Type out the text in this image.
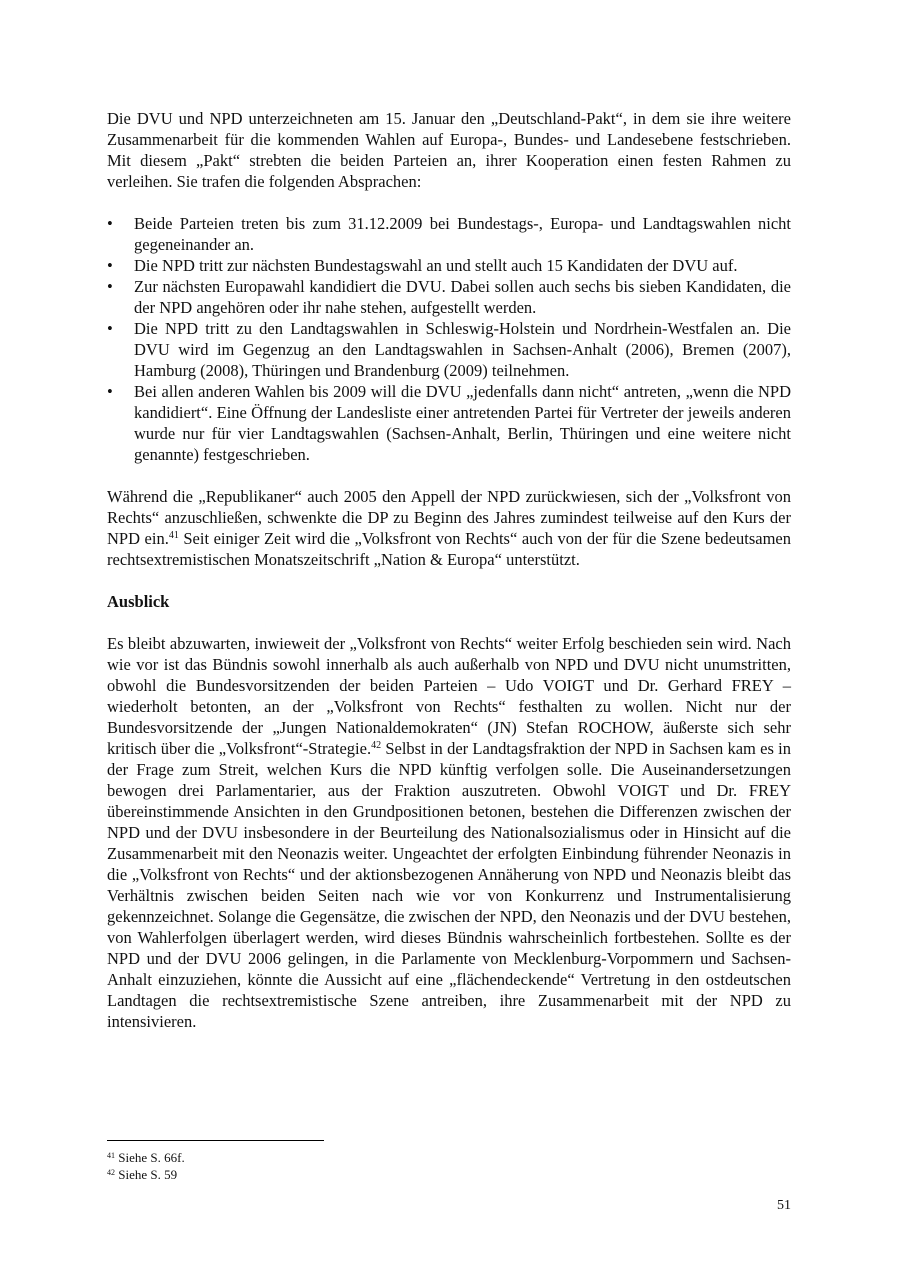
Die DVU und NPD unterzeichneten am 15. Januar den „Deutschland-Pakt“, in dem sie ihre weitere Zusammenarbeit für die kommenden Wahlen auf Europa-, Bundes- und Landesebene festschrieben. Mit diesem „Pakt“ strebten die beiden Parteien an, ihrer Kooperation einen festen Rahmen zu verleihen. Sie trafen die folgenden Absprachen:

• Beide Parteien treten bis zum 31.12.2009 bei Bundestags-, Europa- und Landtagswahlen nicht gegeneinander an.
• Die NPD tritt zur nächsten Bundestagswahl an und stellt auch 15 Kandidaten der DVU auf.
• Zur nächsten Europawahl kandidiert die DVU. Dabei sollen auch sechs bis sieben Kandidaten, die der NPD angehören oder ihr nahe stehen, aufgestellt werden.
• Die NPD tritt zu den Landtagswahlen in Schleswig-Holstein und Nordrhein-Westfalen an. Die DVU wird im Gegenzug an den Landtagswahlen in Sachsen-Anhalt (2006), Bremen (2007), Hamburg (2008), Thüringen und Brandenburg (2009) teilnehmen.
• Bei allen anderen Wahlen bis 2009 will die DVU „jedenfalls dann nicht“ antreten, „wenn die NPD kandidiert“. Eine Öffnung der Landesliste einer antretenden Partei für Vertreter der jeweils anderen wurde nur für vier Landtagswahlen (Sachsen-Anhalt, Berlin, Thüringen und eine weitere nicht genannte) festgeschrieben.

Während die „Republikaner“ auch 2005 den Appell der NPD zurückwiesen, sich der „Volksfront von Rechts“ anzuschließen, schwenkte die DP zu Beginn des Jahres zumindest teilweise auf den Kurs der NPD ein.$^{41}$ Seit einiger Zeit wird die „Volksfront von Rechts“ auch von der für die Szene bedeutsamen rechtsextremistischen Monatszeitschrift „Nation & Europa“ unterstützt.

Ausblick

Es bleibt abzuwarten, inwieweit der „Volksfront von Rechts“ weiter Erfolg beschieden sein wird. Nach wie vor ist das Bündnis sowohl innerhalb als auch außerhalb von NPD und DVU nicht unumstritten, obwohl die Bundesvorsitzenden der beiden Parteien – Udo VOIGT und Dr. Gerhard FREY – wiederholt betonten, an der „Volksfront von Rechts“ festhalten zu wollen. Nicht nur der Bundesvorsitzende der „Jungen Nationaldemokraten“ (JN) Stefan ROCHOW, äußerste sich sehr kritisch über die „Volksfront“-Strategie.$^{42}$ Selbst in der Landtagsfraktion der NPD in Sachsen kam es in der Frage zum Streit, welchen Kurs die NPD künftig verfolgen solle. Die Auseinandersetzungen bewogen drei Parlamentarier, aus der Fraktion auszutreten. Obwohl VOIGT und Dr. FREY übereinstimmende Ansichten in den Grundpositionen betonen, bestehen die Differenzen zwischen der NPD und der DVU insbesondere in der Beurteilung des Nationalsozialismus oder in Hinsicht auf die Zusammenarbeit mit den Neonazis weiter. Ungeachtet der erfolgten Einbindung führender Neonazis in die „Volksfront von Rechts“ und der aktionsbezogenen Annäherung von NPD und Neonazis bleibt das Verhältnis zwischen beiden Seiten nach wie vor von Konkurrenz und Instrumentalisierung gekennzeichnet. Solange die Gegensätze, die zwischen der NPD, den Neonazis und der DVU bestehen, von Wahlerfolgen überlagert werden, wird dieses Bündnis wahrscheinlich fortbestehen. Sollte es der NPD und der DVU 2006 gelingen, in die Parlamente von Mecklenburg-Vorpommern und Sachsen-Anhalt einzuziehen, könnte die Aussicht auf eine „flächendeckende“ Vertretung in den ostdeutschen Landtagen die rechtsextremistische Szene antreiben, ihre Zusammenarbeit mit der NPD zu intensivieren.

$^{41}$ Siehe S. 66f.
$^{42}$ Siehe S. 59
51
